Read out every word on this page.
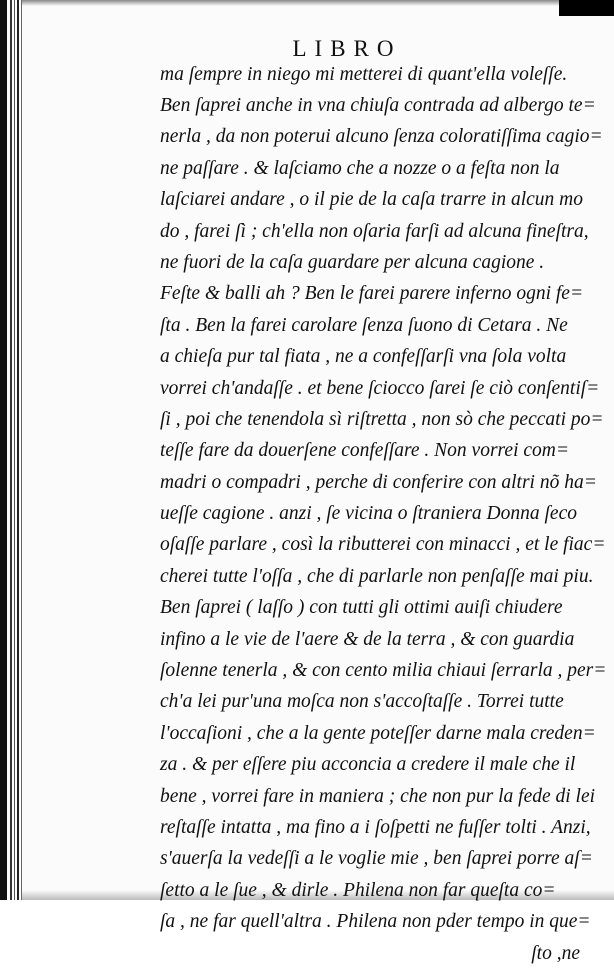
LIBRO
ma ſempre in niego mi metterei di quant'ella voleſſe.
Ben ſaprei anche in vna chiuſa contrada ad albergo te=
nerla , da non poterui alcuno ſenza coloratiſſima cagio=
ne paſſare . & laſciamo che a nozze o a feſta non la
laſciarei andare , o il pie de la caſa trarre in alcun mo
do , farei ſì ; ch'ella non oſaria farſi ad alcuna fineſtra,
ne fuori de la caſa guardare per alcuna cagione .
Feſte & balli ah ? Ben le farei parere inferno ogni fe=
ſta . Ben la farei carolare ſenza ſuono di Cetara . Ne
a chieſa pur tal fiata , ne a confeſſarſi vna ſola volta
vorrei ch'andaſſe . et bene ſciocco ſarei ſe ciò conſentiſ=
ſi , poi che tenendola sì riſtretta , non sò che peccati po=
teſſe fare da douerſene confeſſare . Non vorrei com=
madri o compadri , perche di conferire con altri nõ ha=
ueſſe cagione . anzi , ſe vicina o ſtraniera Donna ſeco
oſaſſe parlare , così la ributterei con minacci , et le fiac=
cherei tutte l'oſſa , che di parlarle non penſaſſe mai piu.
Ben ſaprei ( laſſo ) con tutti gli ottimi auiſi chiudere
infino a le vie de l'aere & de la terra , & con guardia
ſolenne tenerla , & con cento milia chiaui ſerrarla , per=
ch'a lei pur'una moſca non s'accoſtaſſe . Torrei tutte
l'occaſioni , che a la gente poteſſer darne mala creden=
za . & per eſſere piu acconcia a credere il male che il
bene , vorrei fare in maniera ; che non pur la fede di lei
reſtaſſe intatta , ma fino a i ſoſpetti ne fuſſer tolti . Anzi,
s'auerſa la vedeſſi a le voglie mie , ben ſaprei porre aſ=
ſetto a le ſue , & dirle . Philena non far queſta co=
ſa , ne far quell'altra . Philena non pder tempo in que=
ſto ,ne
